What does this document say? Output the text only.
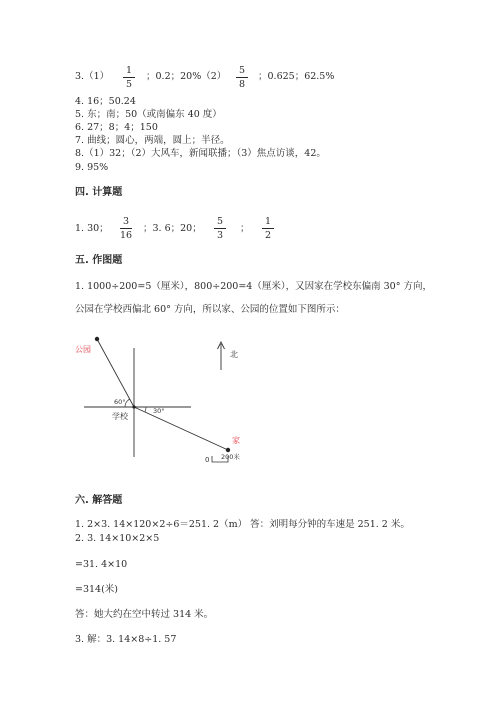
3.（1）
1
5
；0.2；20%（2）
5
8
；0.625；62.5%
4. 16；50.24
5. 东；南；50（或南偏东 40 度）
6. 27；8；4；150
7. 曲线；圆心，两端，圆上；半径。
8.（1）32；（2）大风车，新闻联播；（3）焦点访谈，42。
9. 95%
四. 计算题
1. 30；
3
16
；3. 6；20；
5
3
；
1
2
五. 作图题
1. 1000÷200=5（厘米），800÷200=4（厘米），又因家在学校东偏南 30° 方向，
公园在学校西偏北 60° 方向，所以家、公园的位置如下图所示：
公园
学校
家
北
60°
30°
0 200米
六. 解答题
1. 2×3. 14×120×2÷6＝251. 2（m） 答：刘明每分钟的车速是 251. 2 米。
2. 3. 14×10×2×5
=31. 4×10
=314(米)
答：她大约在空中转过 314 米。
3. 解：3. 14×8÷1. 57
